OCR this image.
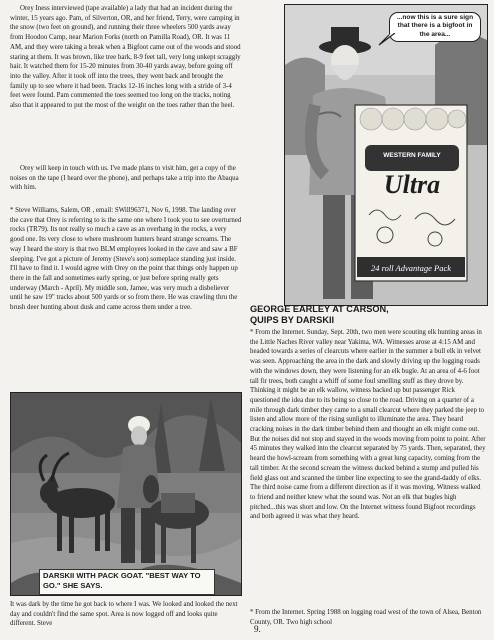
Orey Iness interviewed (tape available) a lady that had an incident during the winter, 15 years ago. Pam, of Silverton, OR, and her friend, Terry, were camping in the snow (two feet on ground), and running their three wheelers 500 yards away from Hoodoo Camp, near Marion Forks (north on Pamilla Road), OR. It was 11 AM, and they were taking a break when a Bigfoot came out of the woods and stood staring at them. It was brown, like tree bark, 8-9 feet tall, very long unkept scraggly hair. It watched them for 15-20 minutes from 30-40 yards away, before going off into the valley. After it took off into the trees, they went back and brought the family up to see where it had been. Tracks 12-16 inches long with a stride of 3-4 feet were found. Pam commented the toes seemed too long on the tracks, noting also that it appeared to put the most of the weight on the toes rather than the heel.

Orey will keep in touch with us. I've made plans to visit him, get a copy of the noises on the tape (I heard over the phone), and perhaps take a trip into the Abaqua with him.

* Steve Williams, Salem, OR , email: SWill96371, Nov 6, 1998. The landing over the cave that Orey is referring to is the same one where I took you to see overturned rocks (TR79). Its not really so much a cave as an overhang in the rocks, a very good one. Its very close to where mushroom hunters heard strange screams. The way I heard the story is that two BLM employees looked in the cave and saw a BF sleeping. I've got a picture of Jeremy (Steve's son) someplace standing just inside. I'll have to find it. I would agree with Orey on the point that things only happen up there in the fall and sometimes early spring, or just before spring really gets underway (March - April). My middle son, Jamee, was very much a disbeliever until he saw 19" tracks about 500 yards or so from there. He was crawling thru the brush deer hunting about dusk and came across them under a tree.

DARSKII WITH PACK GOAT. "BEST WAY TO GO." SHE SAYS.

It was dark by the time he got back to where I was. We looked and looked the next day and couldn't find the same spot. Area is now logged off and looks quite different. Steve

WESTERN FAMILY
Ultra
24 roll Advantage Pack
...now this is a sure sign that there is a bigfoot in the area...
GEORGE EARLEY AT CARSON,
QUIPS BY DARSKII

* From the Internet. Sunday, Sept. 20th, two men were scouting elk hunting areas in the Little Naches River valley near Yakima, WA. Witnesses arose at 4:15 AM and headed towards a series of clearcuts where earlier in the summer a bull elk in velvet was seen. Approaching the area in the dark and slowly driving up the logging roads with the windows down, they were listening for an elk bugle. At an area of 4-6 foot tall fir trees, both caught a whiff of some foul smelling stuff as they drove by. Thinking it might be an elk wallow, witness backed up but passenger Rick questioned the idea due to its being so close to the road. Driving on a quarter of a mile through dark timber they came to a small clearcut where they parked the jeep to listen and allow more of the rising sunlight to illuminate the area. They heard cracking noises in the dark timber behind them and thought an elk might come out. But the noises did not stop and stayed in the woods moving from point to point. After 45 minutes they walked into the clearcut separated by 75 yards. Then, separated, they heard the howl-scream from something with a great lung capacity, coming from the tall timber. At the second scream the witness ducked behind a stump and pulled his field glass out and scanned the timber line expecting to see the grand-daddy of elks. The third noise came from a different direction as if it was moving. Witness walked to friend and neither knew what the sound was. Not an elk that bugles high pitched...this was short and low. On the Internet witness found Bigfoot recordings and both agreed it was what they heard.

* From the Internet. Spring 1988 on logging road west of the town of Alsea, Benton County, OR. Two high school

9.
